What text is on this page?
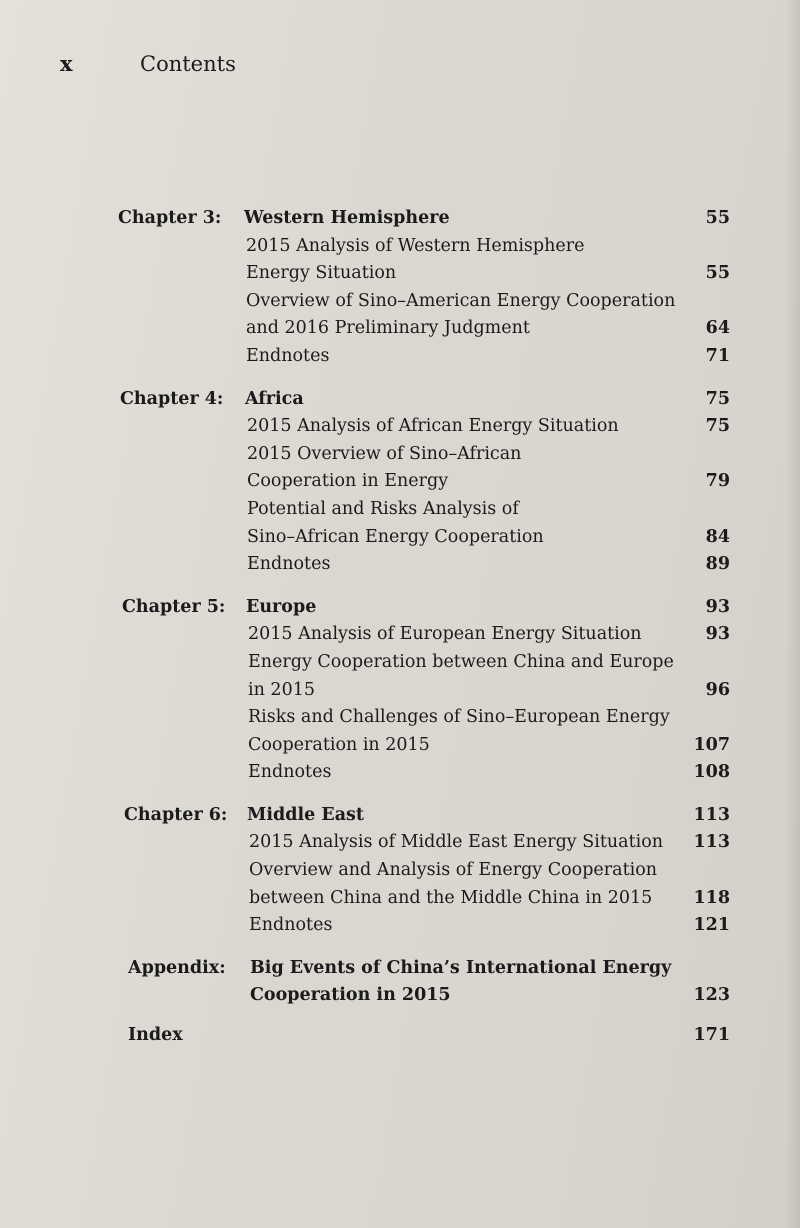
x	Contents
Chapter 3: Western Hemisphere	55
2015 Analysis of Western Hemisphere
Energy Situation	55
Overview of Sino–American Energy Cooperation
and 2016 Preliminary Judgment	64
Endnotes	71
Chapter 4: Africa	75
2015 Analysis of African Energy Situation	75
2015 Overview of Sino–African
Cooperation in Energy	79
Potential and Risks Analysis of
Sino–African Energy Cooperation	84
Endnotes	89
Chapter 5: Europe	93
2015 Analysis of European Energy Situation	93
Energy Cooperation between China and Europe
in 2015	96
Risks and Challenges of Sino–European Energy
Cooperation in 2015	107
Endnotes	108
Chapter 6: Middle East	113
2015 Analysis of Middle East Energy Situation	113
Overview and Analysis of Energy Cooperation
between China and the Middle China in 2015	118
Endnotes	121
Appendix: Big Events of China’s International Energy
Cooperation in 2015	123
Index	171
